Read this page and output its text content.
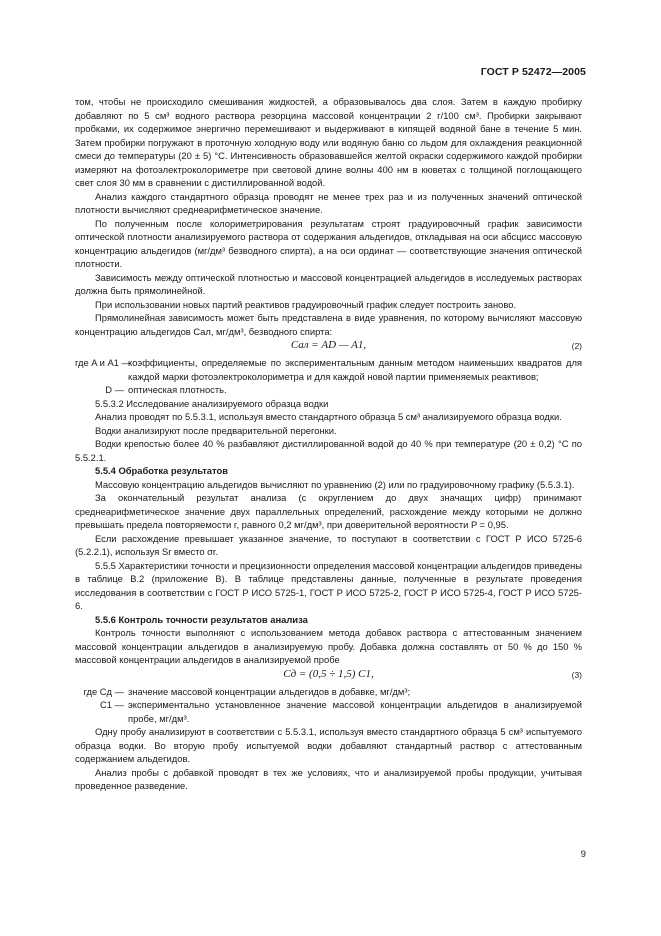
ГОСТ Р 52472—2005

том, чтобы не происходило смешивания жидкостей, а образовывалось два слоя. Затем в каждую пробирку добавляют по 5 см³ водного раствора резорцина массовой концентрации 2 г/100 см³. Пробирки закрывают пробками, их содержимое энергично перемешивают и выдерживают в кипящей водяной бане в течение 5 мин. Затем пробирки погружают в проточную холодную воду или водяную баню со льдом для охлаждения реакционной смеси до температуры (20 ± 5) °С. Интенсивность образовавшейся желтой окраски содержимого каждой пробирки измеряют на фотоэлектроколориметре при световой длине волны 400 нм в кюветах с толщиной поглощающего свет слоя 30 мм в сравнении с дистиллированной водой.

Анализ каждого стандартного образца проводят не менее трех раз и из полученных значений оптической плотности вычисляют среднеарифметическое значение.

По полученным после колориметрирования результатам строят градуировочный график зависимости оптической плотности анализируемого раствора от содержания альдегидов, откладывая на оси абсцисс массовую концентрацию альдегидов (мг/дм³ безводного спирта), а на оси ординат — соответствующие значения оптической плотности.

Зависимость между оптической плотностью и массовой концентрацией альдегидов в исследуемых растворах должна быть прямолинейной.

При использовании новых партий реактивов градуировочный график следует построить заново.

Прямолинейная зависимость может быть представлена в виде уравнения, по которому вычисляют массовую концентрацию альдегидов Cал, мг/дм³, безводного спирта:

Cал = AD — A1,	(2)
где A и A1 —
коэффициенты, определяемые по экспериментальным данным методом наименьших квадратов для каждой марки фотоэлектроколориметра и для каждой новой партии применяемых реактивов;
D — оптическая плотность.

5.5.3.2 Исследование анализируемого образца водки

Анализ проводят по 5.5.3.1, используя вместо стандартного образца 5 см³ анализируемого образца водки.

Водки анализируют после предварительной перегонки.

Водки крепостью более 40 % разбавляют дистиллированной водой до 40 % при температуре (20 ± 0,2) °С по 5.5.2.1.

5.5.4 Обработка результатов

Массовую концентрацию альдегидов вычисляют по уравнению (2) или по градуировочному графику (5.5.3.1).

За окончательный результат анализа (с округлением до двух значащих цифр) принимают среднеарифметическое значение двух параллельных определений, расхождение между которыми не должно превышать предела повторяемости r, равного 0,2 мг/дм³, при доверительной вероятности P = 0,95.

Если расхождение превышает указанное значение, то поступают в соответствии с ГОСТ Р ИСО 5725-6 (5.2.2.1), используя Sr вместо σr.

5.5.5 Характеристики точности и прецизионности определения массовой концентрации альдегидов приведены в таблице В.2 (приложение В). В таблице представлены данные, полученные в результате проведения исследования в соответствии с ГОСТ Р ИСО 5725-1, ГОСТ Р ИСО 5725-2, ГОСТ Р ИСО 5725-4, ГОСТ Р ИСО 5725-6.

5.5.6 Контроль точности результатов анализа

Контроль точности выполняют с использованием метода добавок раствора с аттестованным значением массовой концентрации альдегидов в анализируемую пробу. Добавка должна составлять от 50 % до 150 % массовой концентрации альдегидов в анализируемой пробе

Cд = (0,5 ÷ 1,5) C1,	(3)
где Cд — значение массовой концентрации альдегидов в добавке, мг/дм³;
C1 — экспериментально установленное значение массовой концентрации альдегидов в анализируемой пробе, мг/дм³.

Одну пробу анализируют в соответствии с 5.5.3.1, используя вместо стандартного образца 5 см³ испытуемого образца водки. Во вторую пробу испытуемой водки добавляют стандартный раствор с аттестованным содержанием альдегидов.

Анализ пробы с добавкой проводят в тех же условиях, что и анализируемой пробы продукции, учитывая проведенное разведение.

9
